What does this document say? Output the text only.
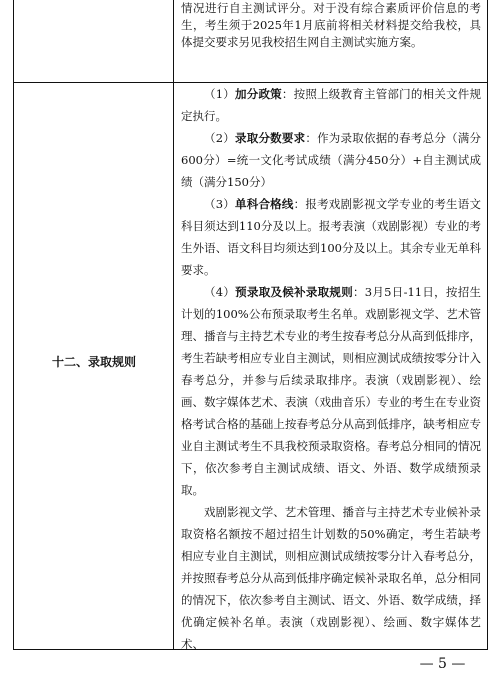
情况进行自主测试评分。对于没有综合素质评价信息的考生，考生须于2025年1月底前将相关材料提交给我校，具体提交要求另见我校招生网自主测试实施方案。

十二、录取规则

（1）加分政策：按照上级教育主管部门的相关文件规定执行。

（2）录取分数要求：作为录取依据的春考总分（满分600分）=统一文化考试成绩（满分450分）+自主测试成绩（满分150分）

（3）单科合格线：报考戏剧影视文学专业的考生语文科目须达到110分及以上。报考表演（戏剧影视）专业的考生外语、语文科目均须达到100分及以上。其余专业无单科要求。

（4）预录取及候补录取规则：3月5日-11日，按招生计划的100%公布预录取考生名单。戏剧影视文学、艺术管理、播音与主持艺术专业的考生按春考总分从高到低排序，考生若缺考相应专业自主测试，则相应测试成绩按零分计入春考总分，并参与后续录取排序。表演（戏剧影视）、绘画、数字媒体艺术、表演（戏曲音乐）专业的考生在专业资格考试合格的基础上按春考总分从高到低排序，缺考相应专业自主测试考生不具我校预录取资格。春考总分相同的情况下，依次参考自主测试成绩、语文、外语、数学成绩预录取。

戏剧影视文学、艺术管理、播音与主持艺术专业候补录取资格名额按不超过招生计划数的50%确定，考生若缺考相应专业自主测试，则相应测试成绩按零分计入春考总分，并按照春考总分从高到低排序确定候补录取名单，总分相同的情况下，依次参考自主测试、语文、外语、数学成绩，择优确定候补名单。表演（戏剧影视）、绘画、数字媒体艺术、

— 5 —
